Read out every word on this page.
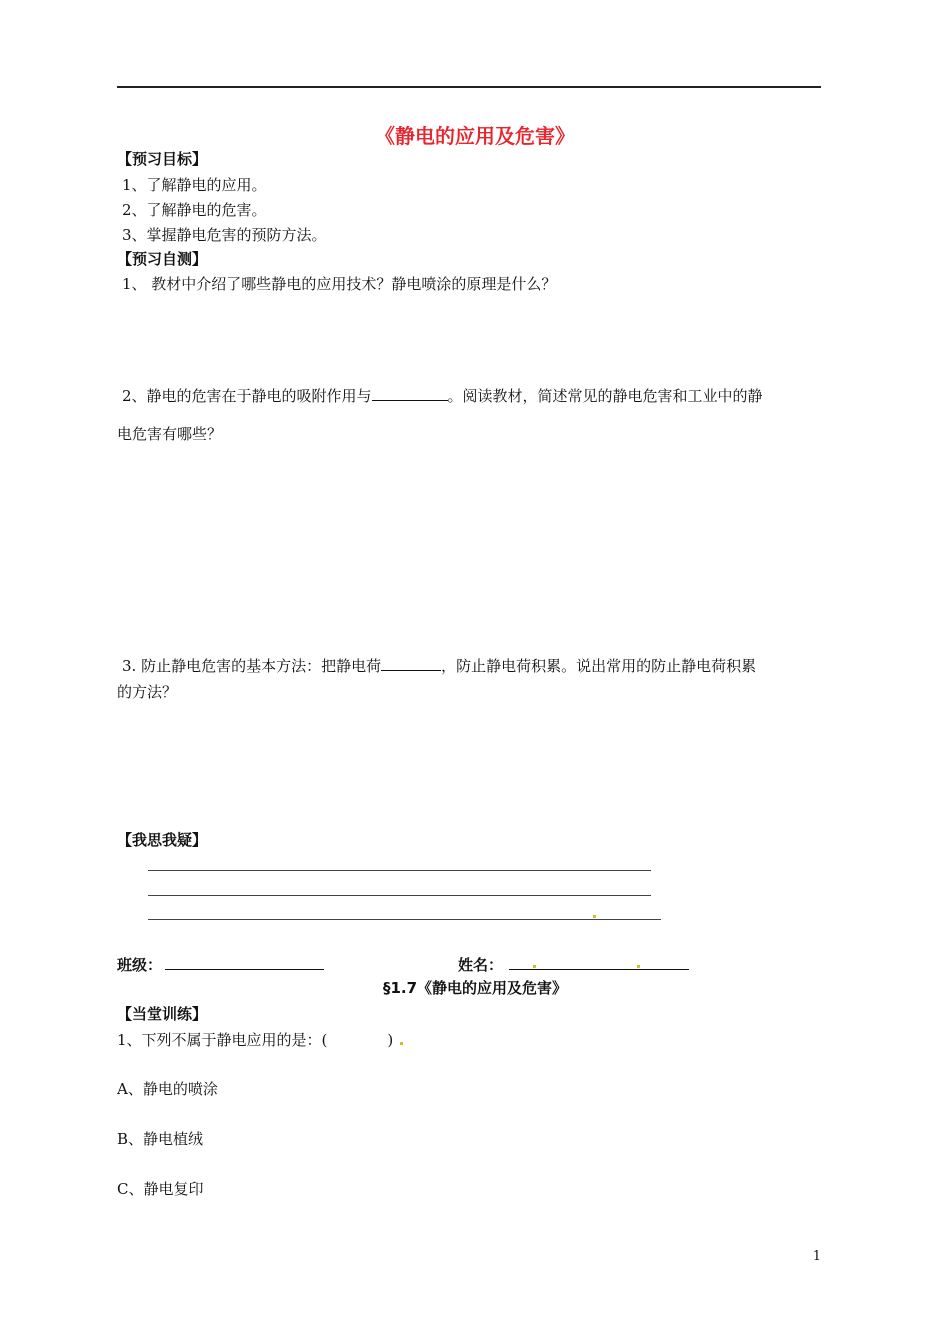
《静电的应用及危害》
【预习目标】
1、了解静电的应用。
2、了解静电的危害。
3、掌握静电危害的预防方法。
【预习自测】
1、 教材中介绍了哪些静电的应用技术？静电喷涂的原理是什么？
2、静电的危害在于静电的吸附作用与	。阅读教材，简述常见的静电危害和工业中的静
电危害有哪些？
3. 防止静电危害的基本方法：把静电荷	，防止静电荷积累。说出常用的防止静电荷积累
的方法？
【我思我疑】
班级：	姓名：
§1.7《静电的应用及危害》
【当堂训练】
1、下列不属于静电应用的是：(	)
A、静电的喷涂
B、静电植绒
C、静电复印
1
